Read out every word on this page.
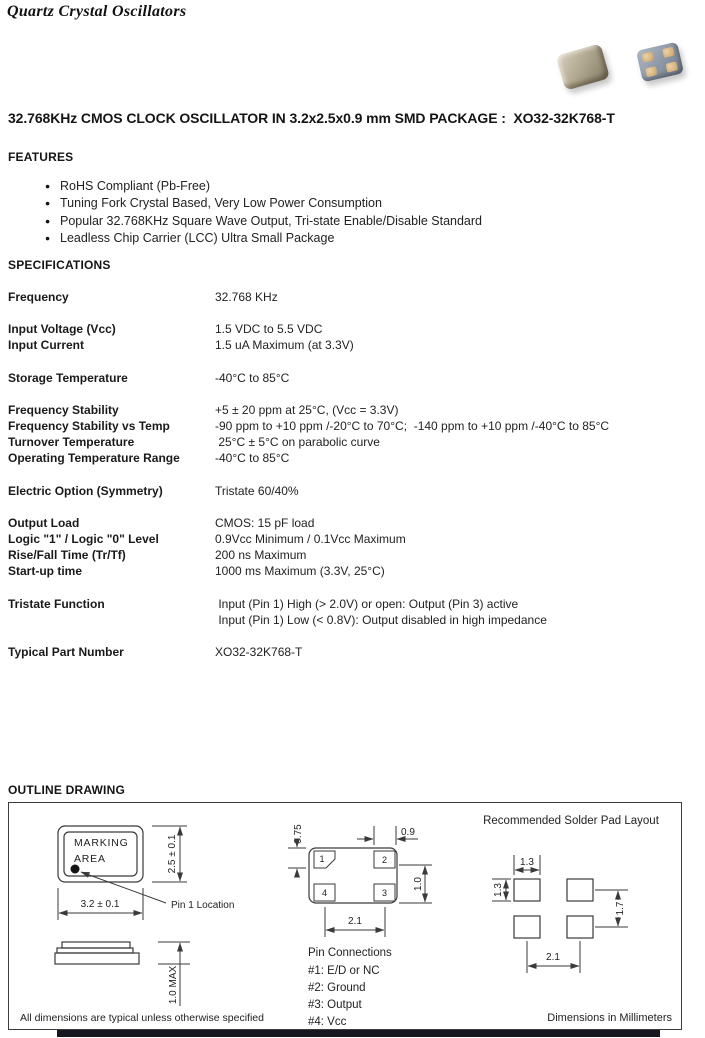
Quartz Crystal Oscillators
32.768KHz CMOS CLOCK OSCILLATOR IN 3.2x2.5x0.9 mm SMD PACKAGE :  XO32-32K768-T
FEATURES
● RoHS Compliant (Pb-Free)
● Tuning Fork Crystal Based, Very Low Power Consumption
● Popular 32.768KHz Square Wave Output, Tri-state Enable/Disable Standard
● Leadless Chip Carrier (LCC) Ultra Small Package
SPECIFICATIONS
Frequency	32.768 KHz
Input Voltage (Vcc)	1.5 VDC to 5.5 VDC
Input Current	1.5 uA Maximum (at 3.3V)
Storage Temperature	-40°C to 85°C
Frequency Stability	+5 ± 20 ppm at 25°C, (Vcc = 3.3V)
Frequency Stability vs Temp	-90 ppm to +10 ppm /-20°C to 70°C;  -140 ppm to +10 ppm /-40°C to 85°C
Turnover Temperature	25°C ± 5°C on parabolic curve
Operating Temperature Range	-40°C to 85°C
Electric Option (Symmetry)	Tristate 60/40%
Output Load	CMOS: 15 pF load
Logic "1" / Logic "0" Level	0.9Vcc Minimum / 0.1Vcc Maximum
Rise/Fall Time (Tr/Tf)	200 ns Maximum
Start-up time	1000 ms Maximum (3.3V, 25°C)
Tristate Function	Input (Pin 1) High (> 2.0V) or open: Output (Pin 3) active
Input (Pin 1) Low (< 0.8V): Output disabled in high impedance
Typical Part Number	XO32-32K768-T
OUTLINE DRAWING
MARKING
AREA	2.5 ± 0.1
3.2 ± 0.1	Pin 1 Location
1.0 MAX
1	2
4	3
0.75	0.9
1.0
2.1
Pin Connections
#1: E/D or NC
#2: Ground
#3: Output
#4: Vcc
Recommended Solder Pad Layout
1.3
1.3
1.7
2.1
All dimensions are typical unless otherwise specified	Dimensions in Millimeters
